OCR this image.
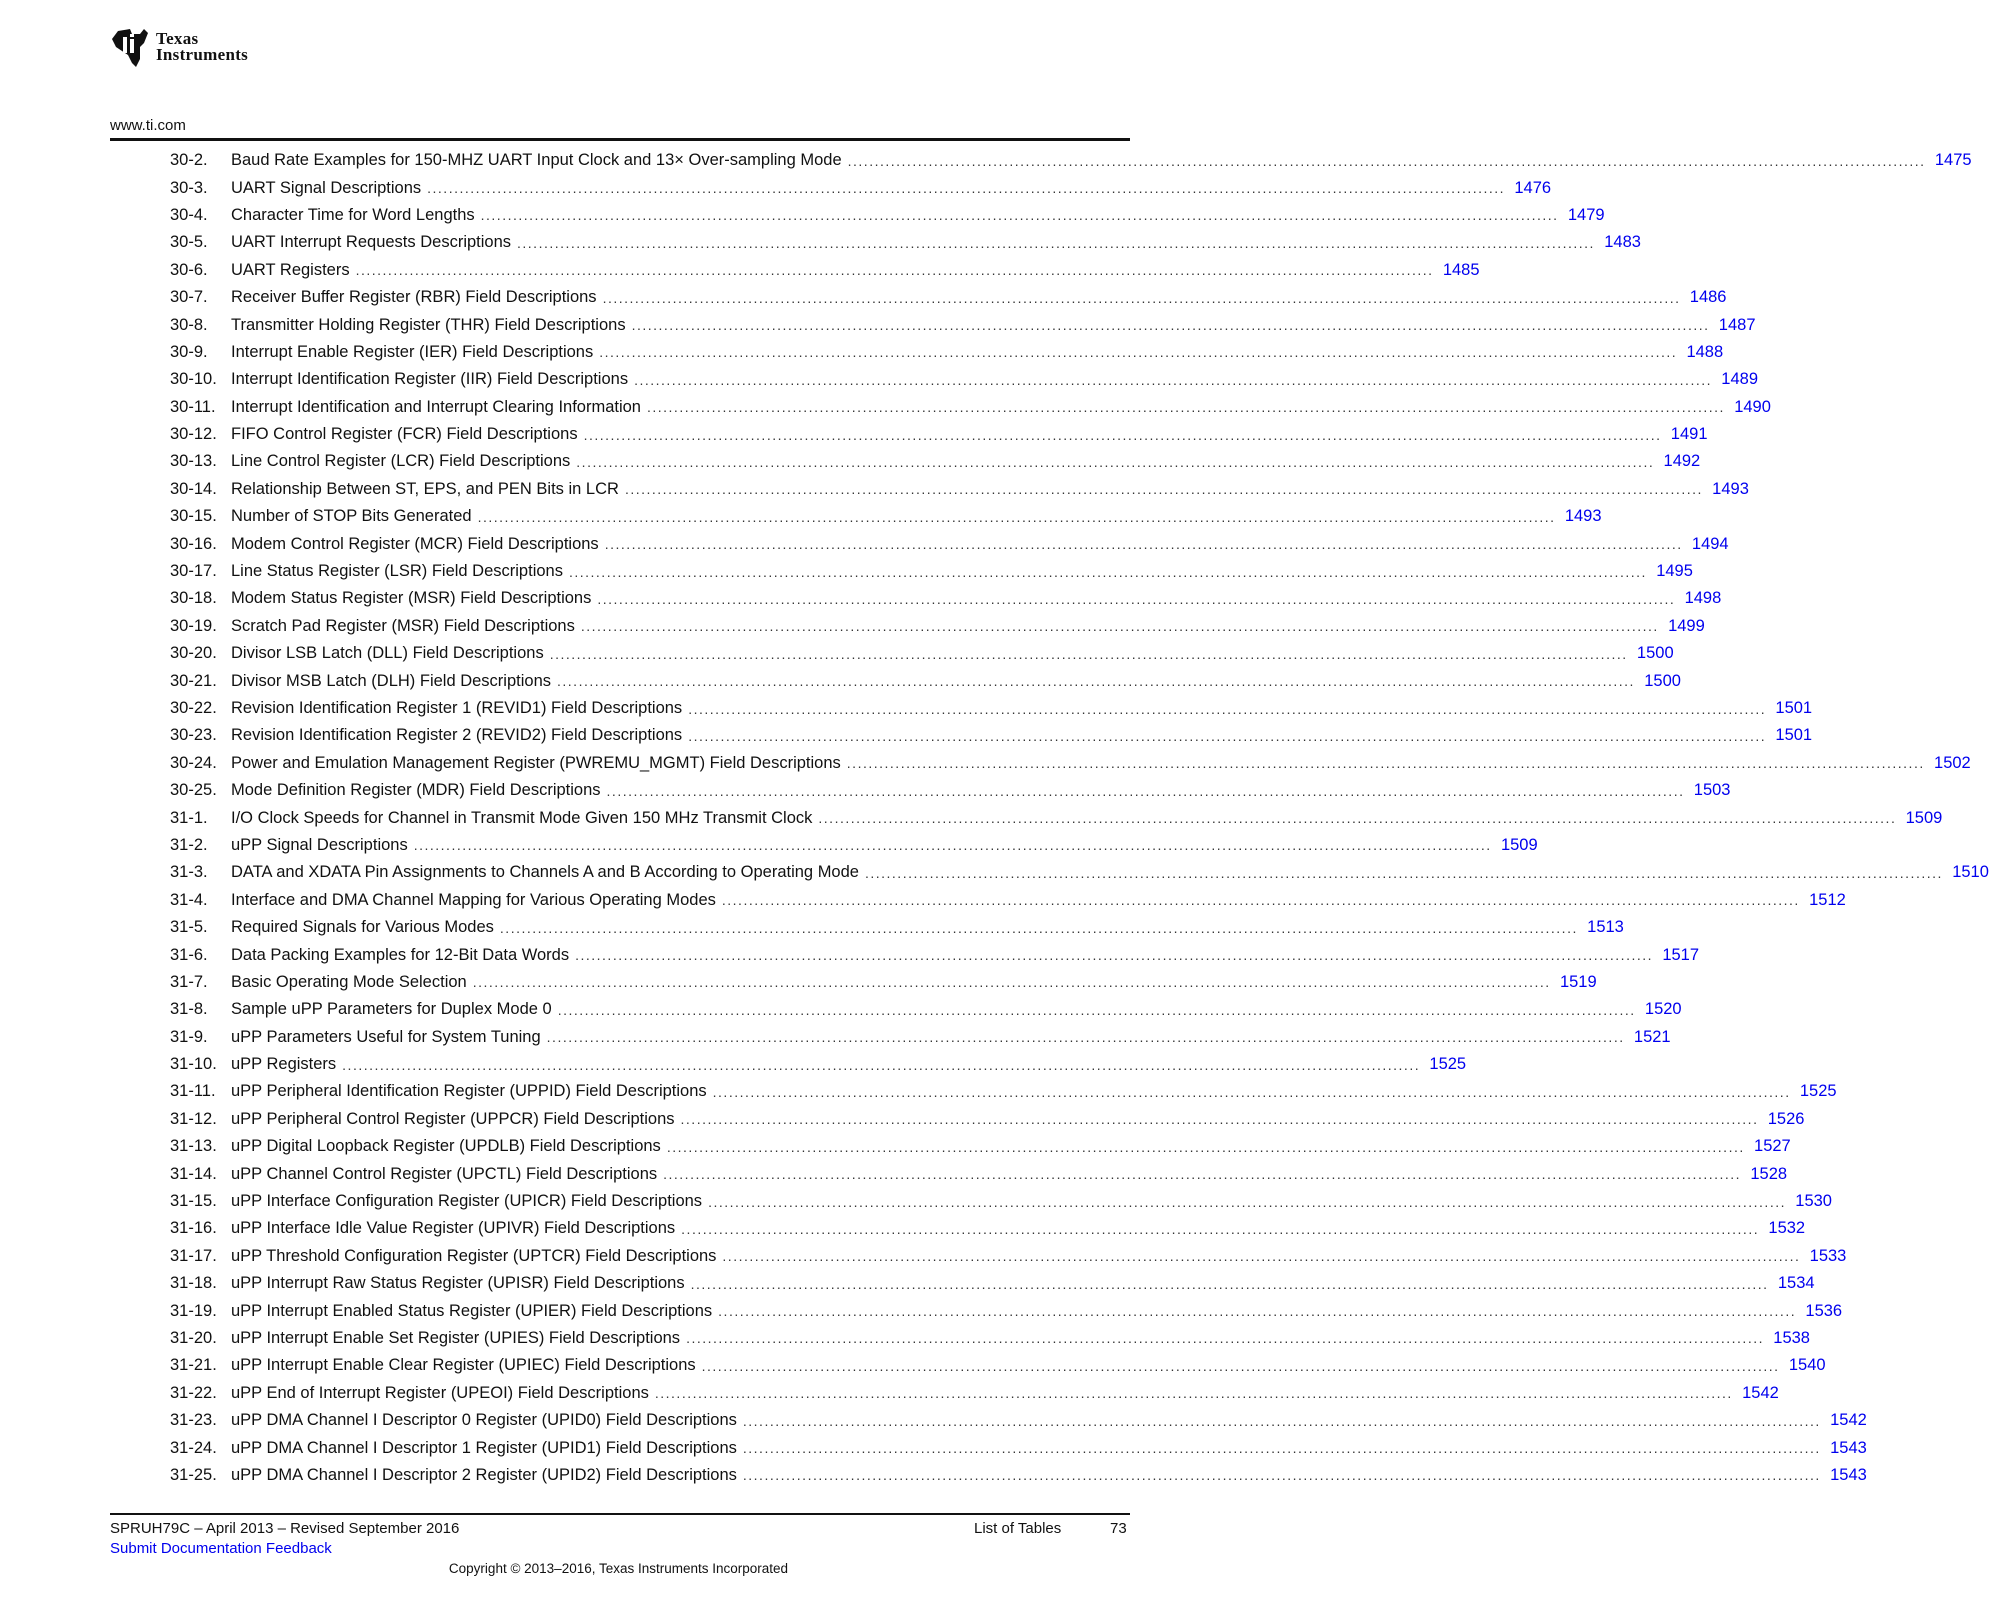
Texas
Instruments
www.ti.com
30-2.	Baud Rate Examples for 150-MHZ UART Input Clock and 13× Over-sampling Mode .....	1475
30-3.	UART Signal Descriptions .....	1476
30-4.	Character Time for Word Lengths .....	1479
30-5.	UART Interrupt Requests Descriptions .....	1483
30-6.	UART Registers .....	1485
30-7.	Receiver Buffer Register (RBR) Field Descriptions .....	1486
30-8.	Transmitter Holding Register (THR) Field Descriptions .....	1487
30-9.	Interrupt Enable Register (IER) Field Descriptions .....	1488
30-10. Interrupt Identification Register (IIR) Field Descriptions .....	1489
30-11. Interrupt Identification and Interrupt Clearing Information .....	1490
30-12. FIFO Control Register (FCR) Field Descriptions .....	1491
30-13. Line Control Register (LCR) Field Descriptions .....	1492
30-14. Relationship Between ST, EPS, and PEN Bits in LCR .....	1493
30-15. Number of STOP Bits Generated .....	1493
30-16. Modem Control Register (MCR) Field Descriptions .....	1494
30-17. Line Status Register (LSR) Field Descriptions .....	1495
30-18. Modem Status Register (MSR) Field Descriptions .....	1498
30-19. Scratch Pad Register (MSR) Field Descriptions .....	1499
30-20. Divisor LSB Latch (DLL) Field Descriptions .....	1500
30-21. Divisor MSB Latch (DLH) Field Descriptions .....	1500
30-22. Revision Identification Register 1 (REVID1) Field Descriptions .....	1501
30-23. Revision Identification Register 2 (REVID2) Field Descriptions .....	1501
30-24. Power and Emulation Management Register (PWREMU_MGMT) Field Descriptions .....	1502
30-25. Mode Definition Register (MDR) Field Descriptions .....	1503
31-1.	I/O Clock Speeds for Channel in Transmit Mode Given 150 MHz Transmit Clock .....	1509
31-2.	uPP Signal Descriptions .....	1509
31-3.	DATA and XDATA Pin Assignments to Channels A and B According to Operating Mode .....	1510
31-4.	Interface and DMA Channel Mapping for Various Operating Modes .....	1512
31-5.	Required Signals for Various Modes .....	1513
31-6.	Data Packing Examples for 12-Bit Data Words .....	1517
31-7.	Basic Operating Mode Selection .....	1519
31-8.	Sample uPP Parameters for Duplex Mode 0 .....	1520
31-9.	uPP Parameters Useful for System Tuning .....	1521
31-10. uPP Registers .....	1525
31-11. uPP Peripheral Identification Register (UPPID) Field Descriptions .....	1525
31-12. uPP Peripheral Control Register (UPPCR) Field Descriptions .....	1526
31-13. uPP Digital Loopback Register (UPDLB) Field Descriptions .....	1527
31-14. uPP Channel Control Register (UPCTL) Field Descriptions .....	1528
31-15. uPP Interface Configuration Register (UPICR) Field Descriptions .....	1530
31-16. uPP Interface Idle Value Register (UPIVR) Field Descriptions .....	1532
31-17. uPP Threshold Configuration Register (UPTCR) Field Descriptions .....	1533
31-18. uPP Interrupt Raw Status Register (UPISR) Field Descriptions .....	1534
31-19. uPP Interrupt Enabled Status Register (UPIER) Field Descriptions .....	1536
31-20. uPP Interrupt Enable Set Register (UPIES) Field Descriptions .....	1538
31-21. uPP Interrupt Enable Clear Register (UPIEC) Field Descriptions .....	1540
31-22. uPP End of Interrupt Register (UPEOI) Field Descriptions .....	1542
31-23. uPP DMA Channel I Descriptor 0 Register (UPID0) Field Descriptions .....	1542
31-24. uPP DMA Channel I Descriptor 1 Register (UPID1) Field Descriptions .....	1543
31-25. uPP DMA Channel I Descriptor 2 Register (UPID2) Field Descriptions .....	1543
SPRUH79C – April 2013 – Revised September 2016
Submit Documentation Feedback
List of Tables	73
Copyright © 2013–2016, Texas Instruments Incorporated
